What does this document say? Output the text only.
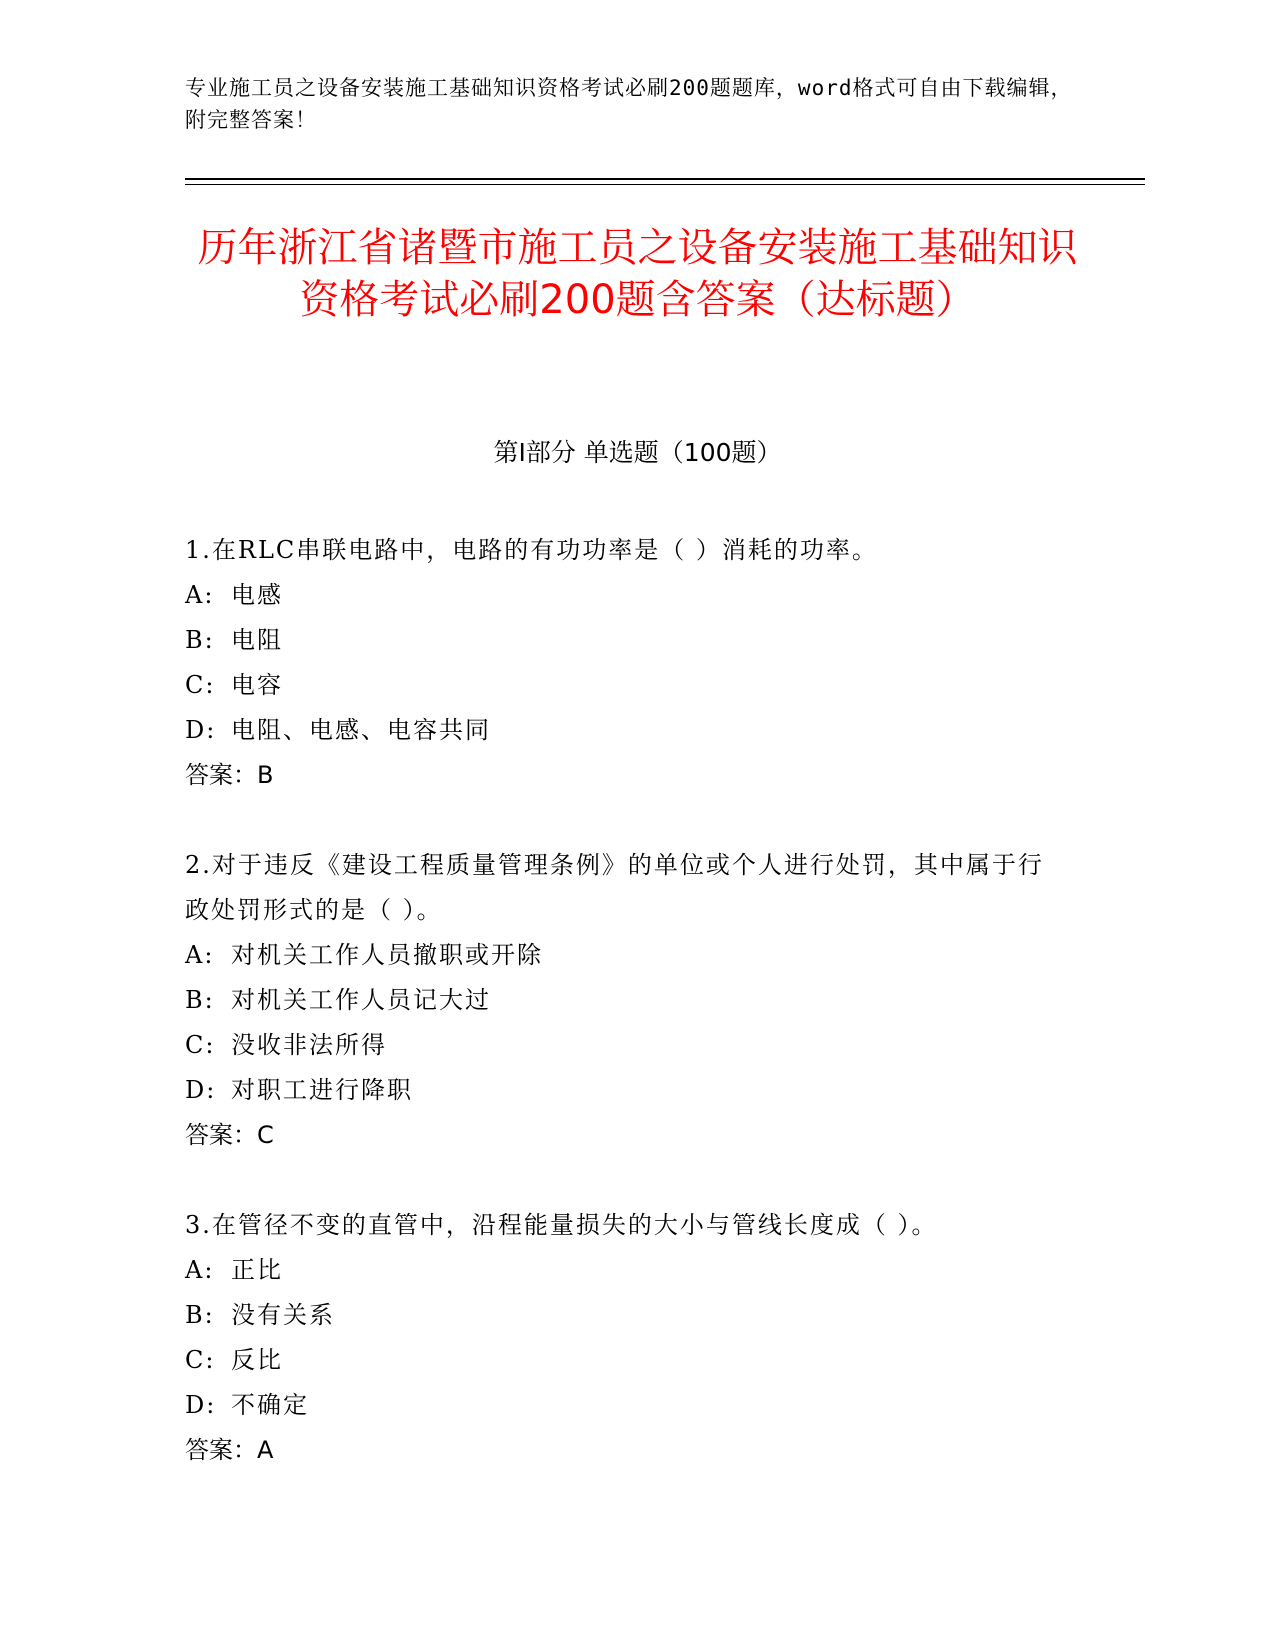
专业施工员之设备安装施工基础知识资格考试必刷200题题库，word格式可自由下载编辑，附完整答案！
历年浙江省诸暨市施工员之设备安装施工基础知识资格考试必刷200题含答案（达标题）
第Ⅰ部分 单选题（100题）
1.在RLC串联电路中，电路的有功功率是（ ）消耗的功率。
A: 电感
B: 电阻
C: 电容
D: 电阻、电感、电容共同
答案：B
2.对于违反《建设工程质量管理条例》的单位或个人进行处罚，其中属于行政处罚形式的是（ ）。
A: 对机关工作人员撤职或开除
B: 对机关工作人员记大过
C: 没收非法所得
D: 对职工进行降职
答案：C
3.在管径不变的直管中，沿程能量损失的大小与管线长度成（ ）。
A: 正比
B: 没有关系
C: 反比
D: 不确定
答案：A
